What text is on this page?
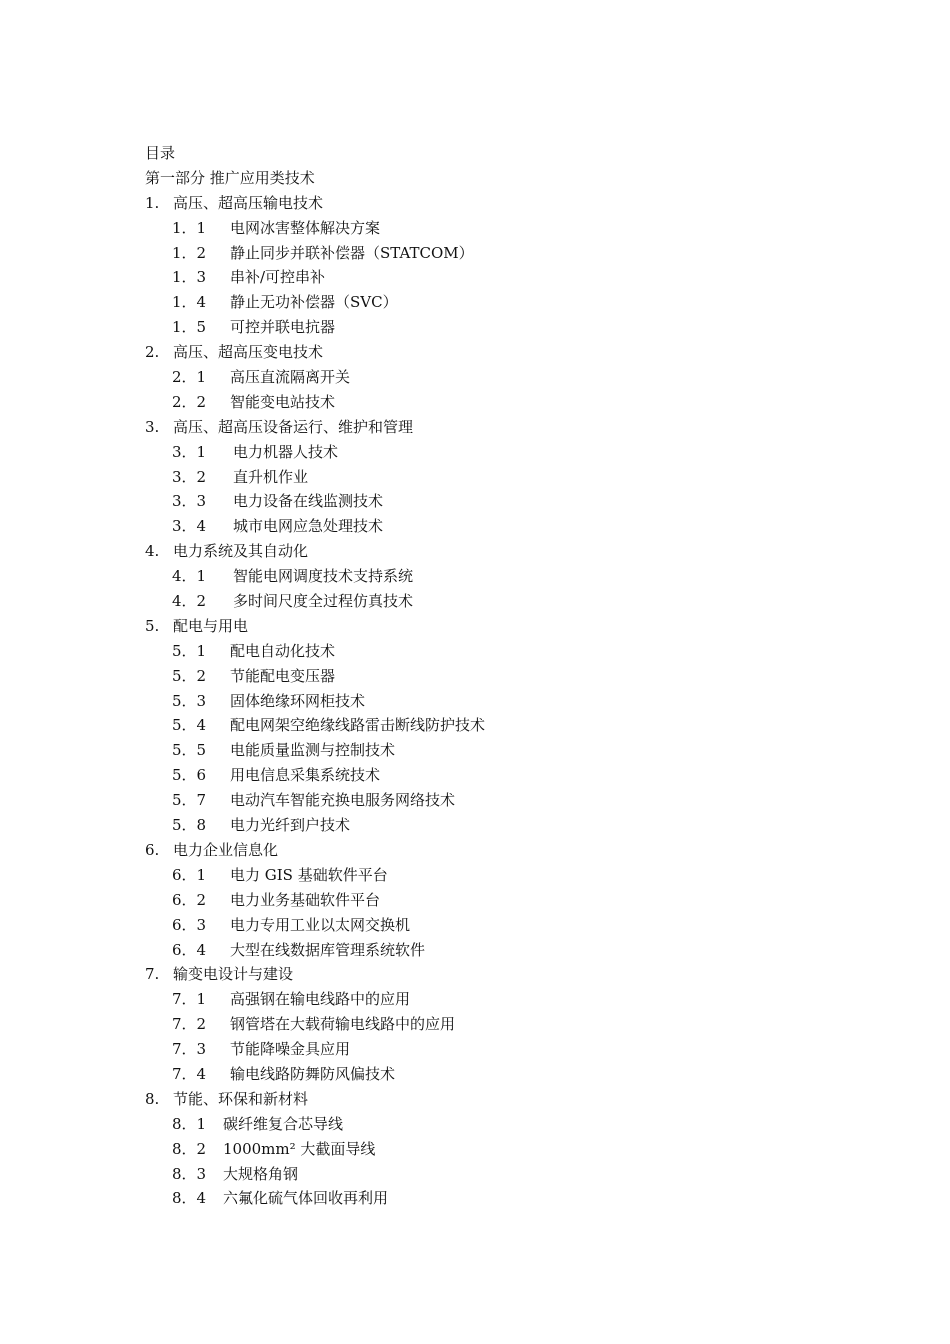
目录
第一部分 推广应用类技术
1. 高压、超高压输电技术
1．1 电网冰害整体解决方案
1．2 静止同步并联补偿器（STATCOM）
1．3 串补/可控串补
1．4 静止无功补偿器（SVC）
1．5 可控并联电抗器
2. 高压、超高压变电技术
2．1 高压直流隔离开关
2．2 智能变电站技术
3. 高压、超高压设备运行、维护和管理
3．1 电力机器人技术
3．2 直升机作业
3．3 电力设备在线监测技术
3．4 城市电网应急处理技术
4. 电力系统及其自动化
4．1 智能电网调度技术支持系统
4．2 多时间尺度全过程仿真技术
5. 配电与用电
5．1 配电自动化技术
5．2 节能配电变压器
5．3 固体绝缘环网柜技术
5．4 配电网架空绝缘线路雷击断线防护技术
5．5 电能质量监测与控制技术
5．6 用电信息采集系统技术
5．7 电动汽车智能充换电服务网络技术
5．8 电力光纤到户技术
6. 电力企业信息化
6．1 电力 GIS 基础软件平台
6．2 电力业务基础软件平台
6．3 电力专用工业以太网交换机
6．4 大型在线数据库管理系统软件
7. 输变电设计与建设
7．1 高强钢在输电线路中的应用
7．2 钢管塔在大载荷输电线路中的应用
7．3 节能降噪金具应用
7．4 输电线路防舞防风偏技术
8. 节能、环保和新材料
8．1 碳纤维复合芯导线
8．2 1000mm² 大截面导线
8．3 大规格角钢
8．4 六氟化硫气体回收再利用
